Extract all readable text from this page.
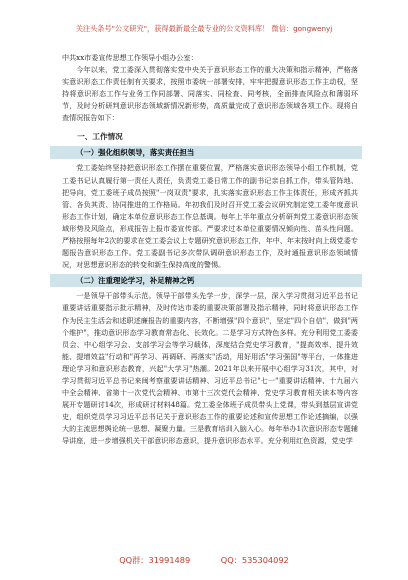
关注头条号"公文研究"，获得最新最全最专业的公文资料库！ 微信：gongwenyj
中共xx市委宣传思想工作领导小组办公室：

今年以来，党工委深入贯彻落实党中央关于意识形态工作的重大决策和指示精神，严格落实意识形态工作责任制有关要求，按照市委统一部署安排，牢牢把握意识形态工作主动权，坚持将意识形态工作与业务工作同部署、同落实、同检查、同考核，全面排查风险点和薄弱环节，及时分析研判意识形态领域新情况新形势，高质量完成了意识形态领域各项工作。现将自查情况报告如下：

一、工作情况
（一）强化组织领导，落实责任担当

党工委始终坚持把意识形态工作摆在重要位置，严格落实意识形态领导小组工作机制，党工委书记认真履行第一责任人责任，负责党工委日常工作的副书记亲自抓工作，带头管阵地、把导向，党工委班子成员按照"一岗双责"要求，扎实落实意识形态工作主体责任，形成齐抓共管、各负其责、协同推进的工作格局。年初我们及时召开党工委会议研究制定党工委年度意识形态工作计划，确定本单位意识形态工作总基调。每年上半年重点分析研判党工委意识形态领域形势及风险点，形成报告上报市委宣传部。严要求过本单位重要情况倾向性、苗头性问题。严格按照每年2次的要求在党工委会议上专题研究意识形态工作，年中、年末按时向上级党委专题报告意识形态工作。党工委副书记多次带队调研意识形态工作，及时通报意识形态领域情况，对思想意识形态的转变和新生保持高度的警惕。

（二）注重理论学习，补足精神之钙

一是领导干部带头示范。领导干部带头先学一步，深学一层，深入学习贯彻习近平总书记重要讲话重要指示批示精神，及时传达市委的重要决策部署及指示精神，同时将意识形态工作作为民主生活会和述职述廉报告的重要内容，不断增强"四个意识"，坚定"四个自信"，做到"两个维护"，推动意识形态学习教育常态化、长效化。二是学习方式特色多样。充分利用党工委委员会、中心组学习会、支部学习会等学习载体，深度结合党史学习教育，"提高效率、提升效能、提增效益"行动和"再学习、再调研、再落实"活动，用好用活"学习强国"等平台，一体推进理论学习和意识形态教育，兴起"大学习"热潮。2021年以来开展中心组学习31次，其中，对学习贯彻习近平总书记来闽考察重要讲话精神、习近平总书记"七一"重要讲话精神、十九届六中全会精神、省第十一次党代会精神、市第十三次党代会精神、党史学习教育相关读本等内容展开专题研讨14次，形成研讨材料48篇。党工委全体班子成员带头上党课，带头到基层宣讲党史，组织党员学习习近平总书记关于意识形态工作的重要论述和宣传思想工作论述摘编，以强大的主流思想舆论统一思想、凝聚力量。三是教育培训入脑入心。每年举办1次意识形态专题辅导讲座，进一步增强机关干部意识形态意识，提升意识形态水平。充分利用红色资源，党史学

QQ群：31991489	QQ：535304092
